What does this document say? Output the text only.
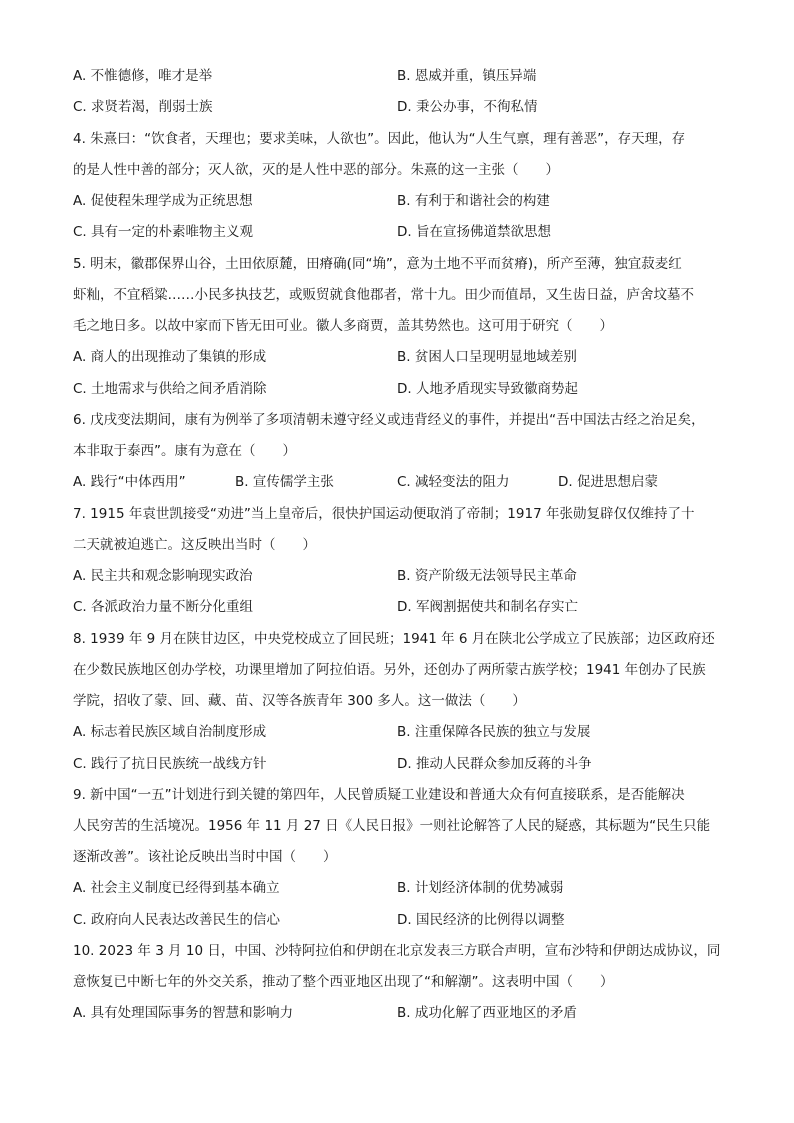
A. 不惟德修，唯才是举	B. 恩威并重，镇压异端
C. 求贤若渴，削弱士族	D. 秉公办事，不徇私情
4. 朱熹曰：“饮食者，天理也；要求美味，人欲也”。因此，他认为“人生气禀，理有善恶”，存天理，存
的是人性中善的部分；灭人欲，灭的是人性中恶的部分。朱熹的这一主张（　　）
A. 促使程朱理学成为正统思想	B. 有利于和谐社会的构建
C. 具有一定的朴素唯物主义观	D. 旨在宣扬佛道禁欲思想
5. 明末，徽郡保界山谷，土田依原麓，田瘠确(同“埆”，意为土地不平而贫瘠)，所产至薄，独宜菽麦红
虾籼，不宜稻粱……小民多执技艺，或贩贸就食他郡者，常十九。田少而值昂，又生齿日益，庐舍坟墓不
毛之地日多。以故中家而下皆无田可业。徽人多商贾，盖其势然也。这可用于研究（　　）
A. 商人的出现推动了集镇的形成	B. 贫困人口呈现明显地域差别
C. 土地需求与供给之间矛盾消除	D. 人地矛盾现实导致徽商势起
6. 戊戌变法期间，康有为例举了多项清朝未遵守经义或违背经义的事件，并提出“吾中国法古经之治足矣，
本非取于泰西”。康有为意在（　　）
A. 践行“中体西用”	B. 宣传儒学主张	C. 减轻变法的阻力	D. 促进思想启蒙
7. 1915 年袁世凯接受“劝进”当上皇帝后，很快护国运动便取消了帝制；1917 年张勋复辟仅仅维持了十
二天就被迫逃亡。这反映出当时（　　）
A. 民主共和观念影响现实政治	B. 资产阶级无法领导民主革命
C. 各派政治力量不断分化重组	D. 军阀割据使共和制名存实亡
8. 1939 年 9 月在陕甘边区，中央党校成立了回民班；1941 年 6 月在陕北公学成立了民族部；边区政府还
在少数民族地区创办学校，功课里增加了阿拉伯语。另外，还创办了两所蒙古族学校；1941 年创办了民族
学院，招收了蒙、回、藏、苗、汉等各族青年 300 多人。这一做法（　　）
A. 标志着民族区域自治制度形成	B. 注重保障各民族的独立与发展
C. 践行了抗日民族统一战线方针	D. 推动人民群众参加反蒋的斗争
9. 新中国“一五”计划进行到关键的第四年，人民曾质疑工业建设和普通大众有何直接联系，是否能解决
人民穷苦的生活境况。1956 年 11 月 27 日《人民日报》一则社论解答了人民的疑惑，其标题为“民生只能
逐渐改善”。该社论反映出当时中国（　　）
A. 社会主义制度已经得到基本确立	B. 计划经济体制的优势减弱
C. 政府向人民表达改善民生的信心	D. 国民经济的比例得以调整
10. 2023 年 3 月 10 日，中国、沙特阿拉伯和伊朗在北京发表三方联合声明，宣布沙特和伊朗达成协议，同
意恢复已中断七年的外交关系，推动了整个西亚地区出现了“和解潮”。这表明中国（　　）
A. 具有处理国际事务的智慧和影响力	B. 成功化解了西亚地区的矛盾
